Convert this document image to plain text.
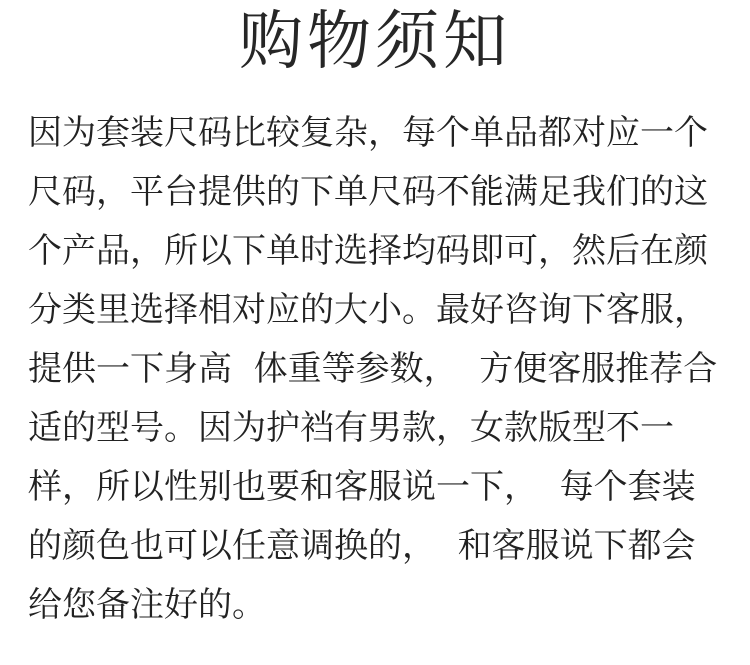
购物须知
因为套装尺码比较复杂，每个单品都对应一个
尺码，平台提供的下单尺码不能满足我们的这
个产品，所以下单时选择均码即可，然后在颜
分类里选择相对应的大小。最好咨询下客服，
提供一下身高  体重等参数，  方便客服推荐合
适的型号。因为护裆有男款，女款版型不一
样，所以性别也要和客服说一下，  每个套装
的颜色也可以任意调换的，  和客服说下都会
给您备注好的。
